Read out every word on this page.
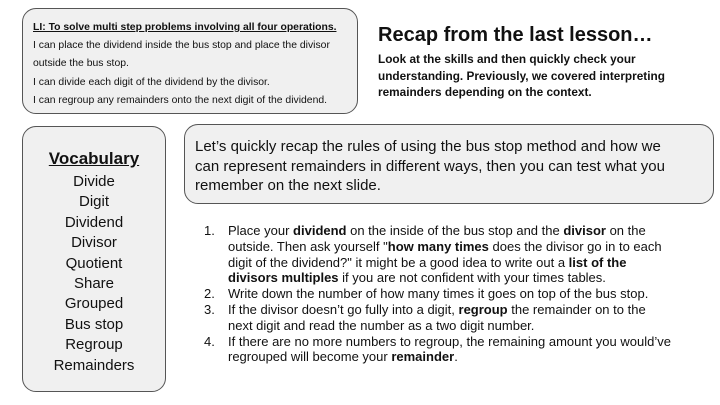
LI: To solve multi step problems involving all four operations.
I can place the dividend inside the bus stop and place the divisor
outside the bus stop.
I can divide each digit of the dividend by the divisor.
I can regroup any remainders onto the next digit of the dividend.
Recap from the last lesson…
Look at the skills and then quickly check your
understanding. Previously, we covered interpreting
remainders depending on the context.
Vocabulary
Divide
Digit
Dividend
Divisor
Quotient
Share
Grouped
Bus stop
Regroup
Remainders
Let’s quickly recap the rules of using the bus stop method and how we
can represent remainders in different ways, then you can test what you
remember on the next slide.
1. Place your dividend on the inside of the bus stop and the divisor on the
outside. Then ask yourself "how many times does the divisor go in to each
digit of the dividend?" it might be a good idea to write out a list of the
divisors multiples if you are not confident with your times tables.
2. Write down the number of how many times it goes on top of the bus stop.
3. If the divisor doesn’t go fully into a digit, regroup the remainder on to the
next digit and read the number as a two digit number.
4. If there are no more numbers to regroup, the remaining amount you would’ve
regrouped will become your remainder.
